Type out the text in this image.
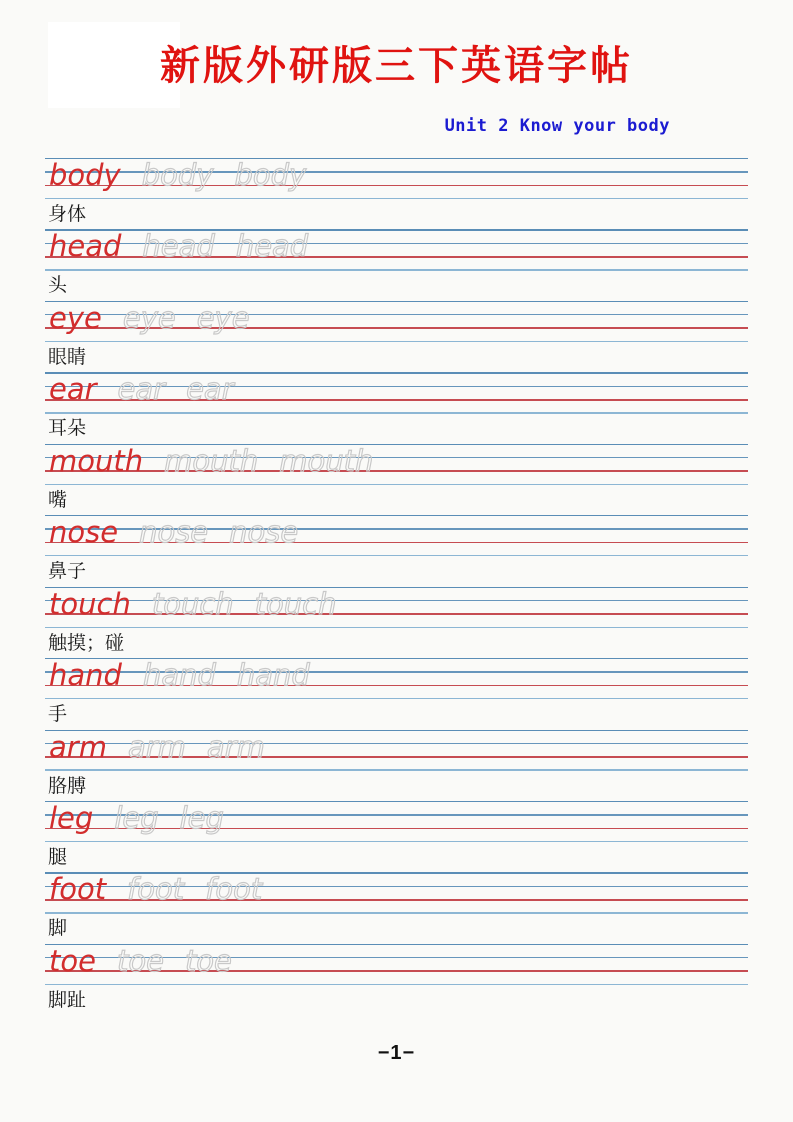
新版外研版三下英语字帖
Unit 2 Know your body
body body body
身体
head head head
头
eye eye eye
眼睛
ear ear ear
耳朵
mouth mouth mouth
嘴
nose nose nose
鼻子
touch touch touch
触摸；碰
hand hand hand
手
arm arm arm
胳膊
leg leg leg
腿
foot foot foot
脚
toe toe toe
脚趾
−1−
